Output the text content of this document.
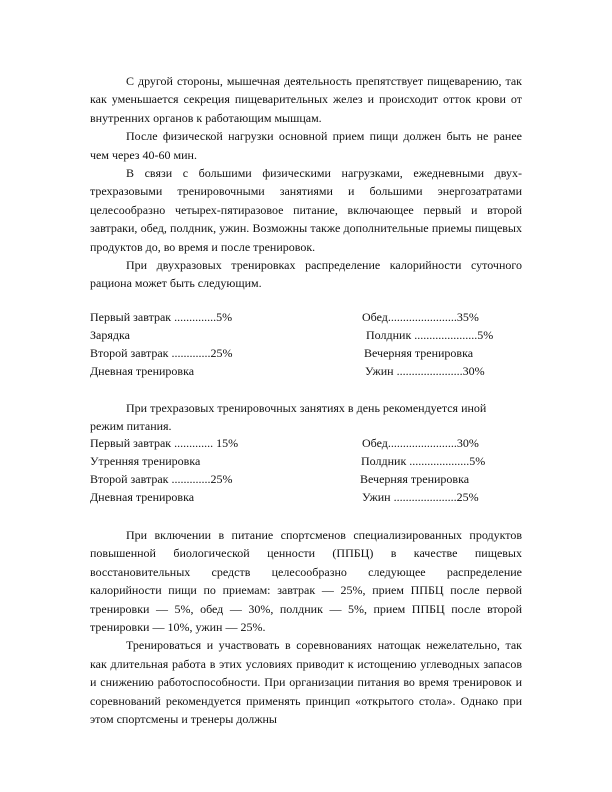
С другой стороны, мышечная деятельность препятствует пищеварению, так как уменьшается секреция пищеварительных желез и происходит отток крови от внутренних органов к работающим мышцам.

После физической нагрузки основной прием пищи должен быть не ранее чем через 40-60 мин.

В связи с большими физическими нагрузками, ежедневными двух-трехразовыми тренировочными занятиями и большими энергозатратами целесообразно четырех-пятиразовое питание, включающее первый и второй завтраки, обед, полдник, ужин. Возможны также дополнительные приемы пищевых продуктов до, во время и после тренировок.

При двухразовых тренировках распределение калорийности суточного рациона может быть следующим.

Первый завтрак ..............5%	Обед.......................35%
Зарядка	Полдник .....................5%
Второй завтрак .............25%	Вечерняя тренировка
Дневная тренировка	Ужин ......................30%

При трехразовых тренировочных занятиях в день рекомендуется иной режим питания.

Первый завтрак ............. 15%	Обед.......................30%
Утренняя тренировка	Полдник ....................5%
Второй завтрак .............25%	Вечерняя тренировка
Дневная тренировка	Ужин .....................25%

При включении в питание спортсменов специализированных продуктов повышенной биологической ценности (ППБЦ) в качестве пищевых восстановительных средств целесообразно следующее распределение калорийности пищи по приемам: завтрак — 25%, прием ППБЦ после первой тренировки — 5%, обед — 30%, полдник — 5%, прием ППБЦ после второй тренировки — 10%, ужин — 25%.

Тренироваться и участвовать в соревнованиях натощак нежелательно, так как длительная работа в этих условиях приводит к истощению углеводных запасов и снижению работоспособности. При организации питания во время тренировок и соревнований рекомендуется применять принцип «открытого стола». Однако при этом спортсмены и тренеры должны
